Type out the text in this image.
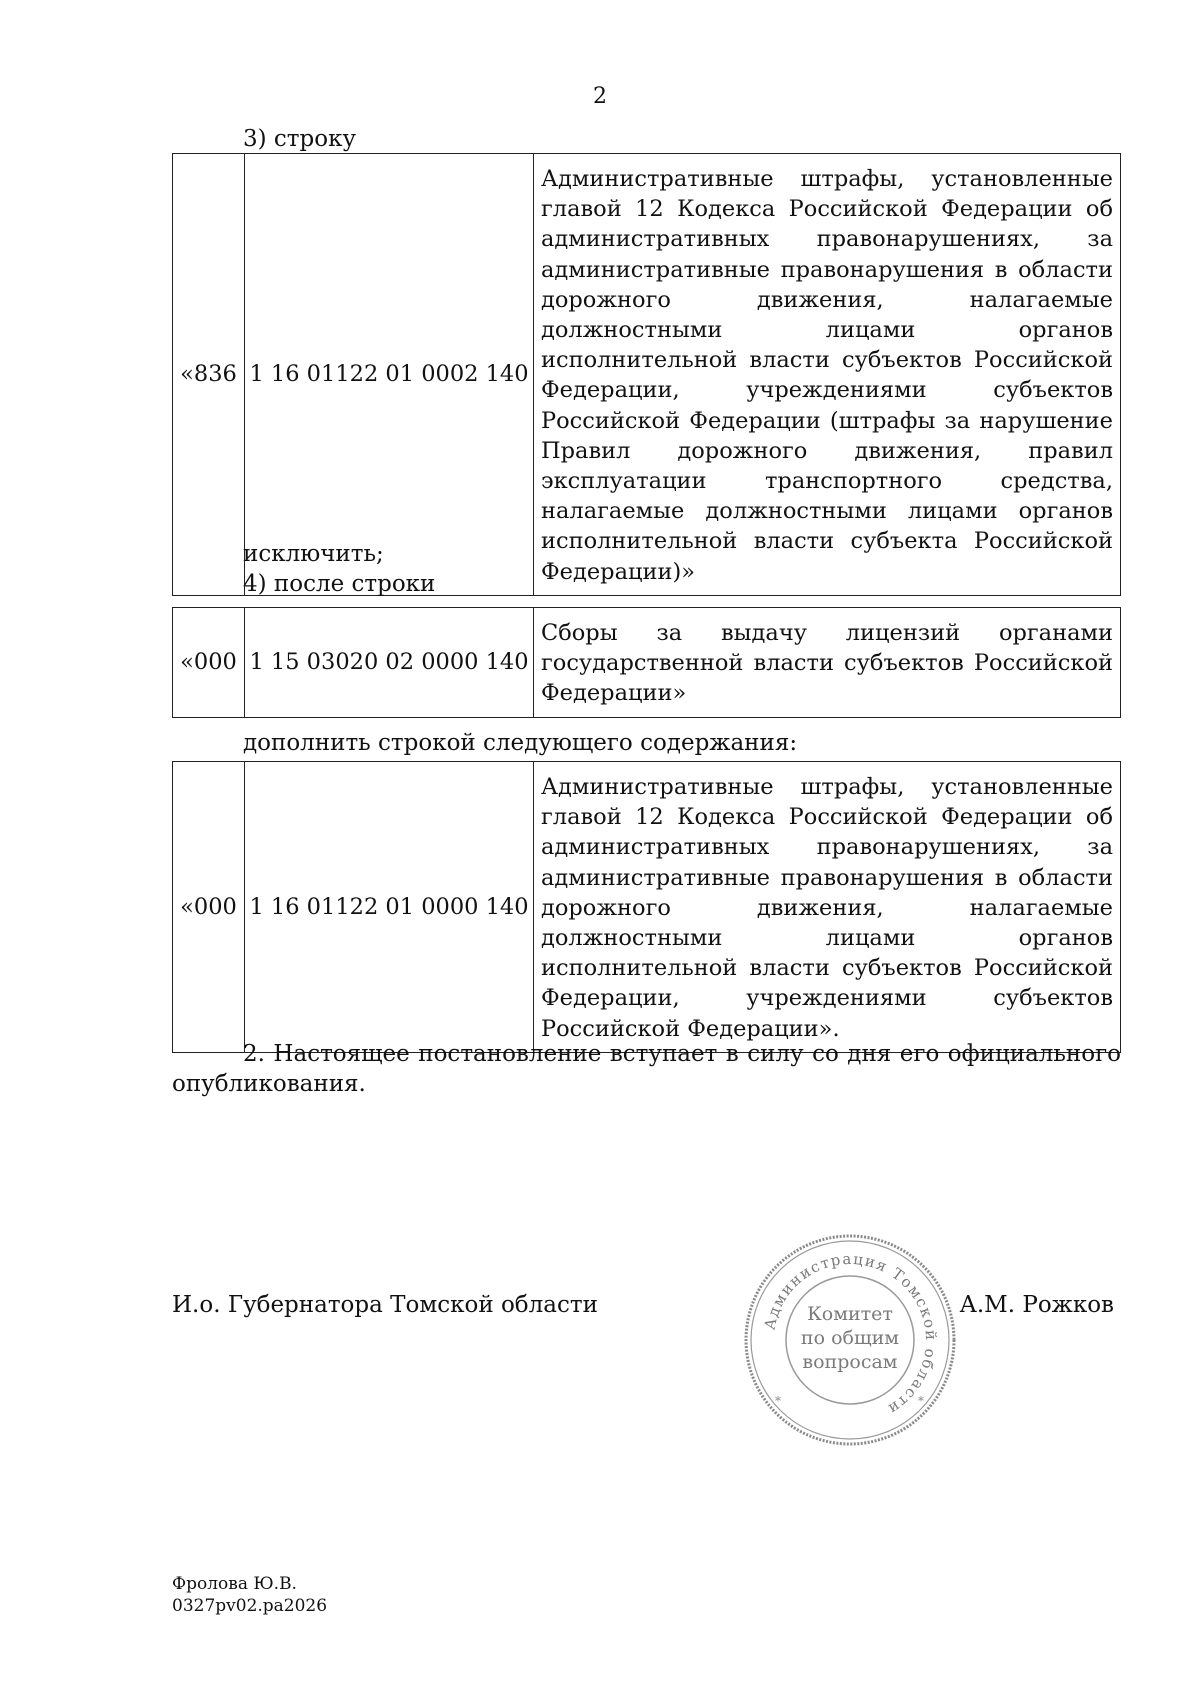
2
3) строку
«836	1 16 01122 01 0002 140	Административные штрафы, установленные главой 12 Кодекса Российской Федерации об административных правонарушениях, за административные правонарушения в области дорожного движения, налагаемые должностными лицами органов исполнительной власти субъектов Российской Федерации, учреждениями субъектов Российской Федерации (штрафы за нарушение Правил дорожного движения, правил эксплуатации транспортного средства, налагаемые должностными лицами органов исполнительной власти субъекта Российской Федерации)»
исключить;
4) после строки
«000	1 15 03020 02 0000 140	Сборы за выдачу лицензий органами государственной власти субъектов Российской Федерации»
дополнить строкой следующего содержания:
«000	1 16 01122 01 0000 140	Административные штрафы, установленные главой 12 Кодекса Российской Федерации об административных правонарушениях, за административные правонарушения в области дорожного движения, налагаемые должностными лицами органов исполнительной власти субъектов Российской Федерации, учреждениями субъектов Российской Федерации».
2. Настоящее постановление вступает в силу со дня его официального
опубликования.
И.о. Губернатора Томской области	А.М. Рожков
Администрация Томской области
*	*
Комитет
по общим
вопросам
Фролова Ю.В.
0327pv02.pa2026
